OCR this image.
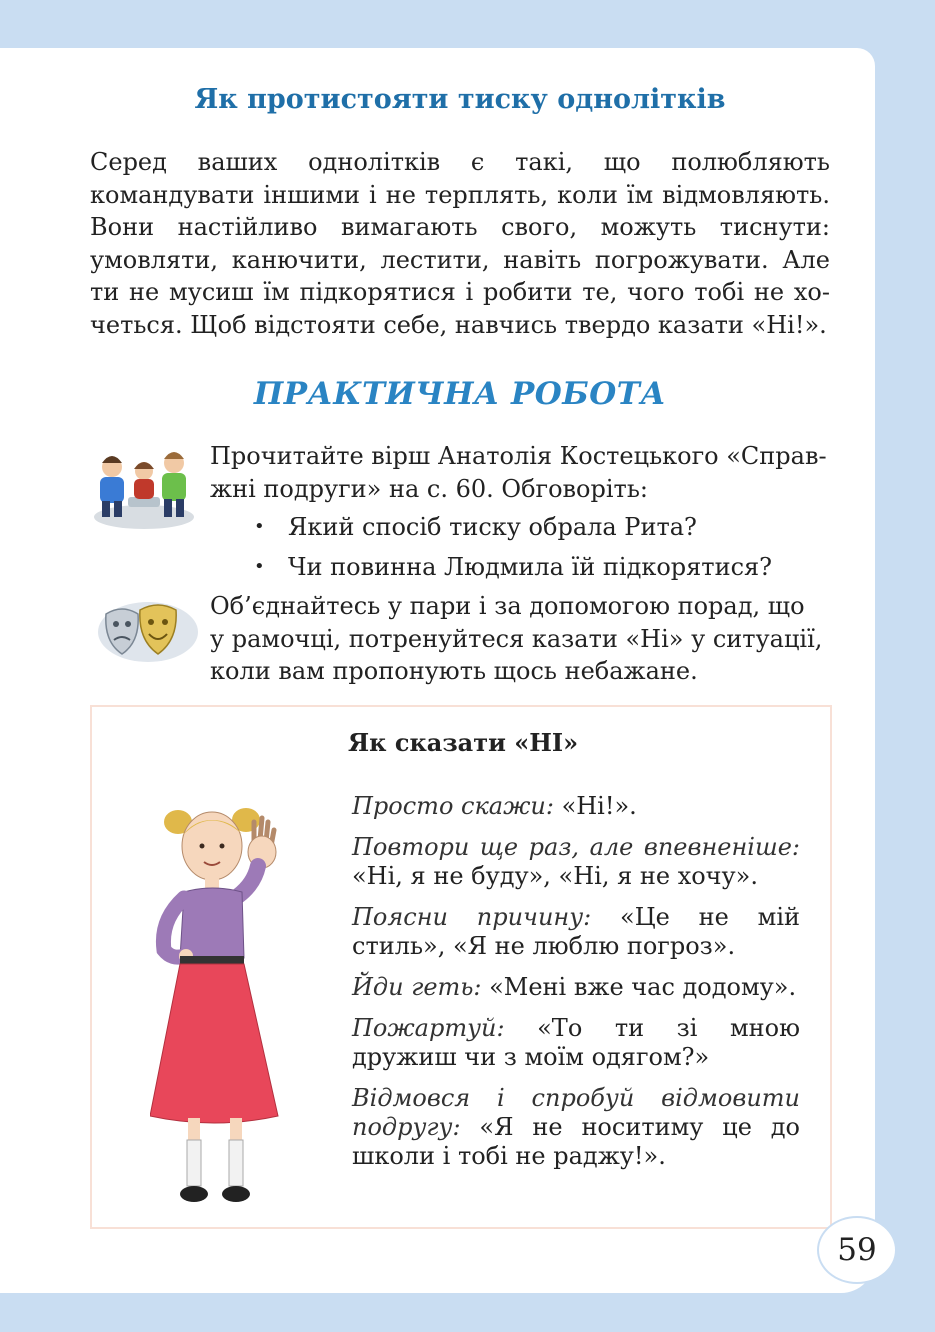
Як протистояти тиску однолітків

Серед ваших однолітків є такі, що полюбляють
командувати іншими і не терплять, коли їм відмовляють.
Вони настійливо вимагають свого, можуть тиснути:
умовляти, канючити, лестити, навіть погрожувати. Але
ти не мусиш їм підкорятися і робити те, чого тобі не хо-
четься. Щоб відстояти себе, навчись твердо казати «Ні!».

ПРАКТИЧНА РОБОТА

Прочитайте вірш Анатолія Костецького «Справ-
жні подруги» на с. 60. Обговоріть:

• Який спосіб тиску обрала Рита?
• Чи повинна Людмила їй підкорятися?

Об’єднайтесь у пари і за допомогою порад, що
у рамочці, потренуйтеся казати «Ні» у ситуації,
коли вам пропонують щось небажане.

Як сказати «НІ»
Просто скажи: «Ні!».
Повтори ще раз, але впевненіше:
«Ні, я не буду», «Ні, я не хочу».
Поясни причину: «Це не мій
стиль», «Я не люблю погроз».
Йди геть: «Мені вже час додому».
Пожартуй: «То ти зі мною
дружиш чи з моїм одягом?»
Відмовся і спробуй відмовити
подругу: «Я не носитиму це до
школи і тобі не раджу!».
59
